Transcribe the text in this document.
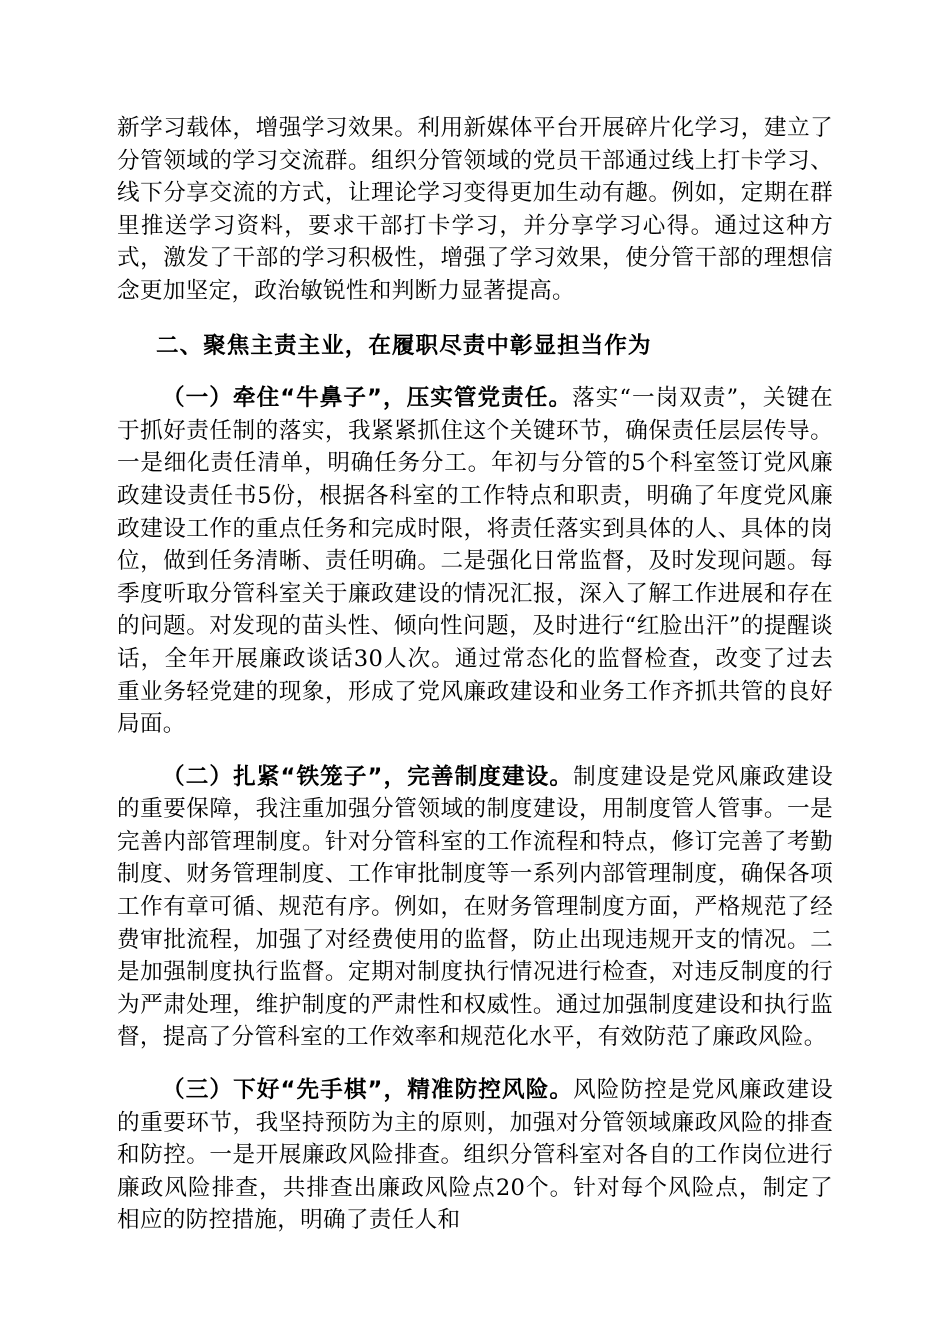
新学习载体，增强学习效果。利用新媒体平台开展碎片化学习，建立了分管领域的学习交流群。组织分管领域的党员干部通过线上打卡学习、线下分享交流的方式，让理论学习变得更加生动有趣。例如，定期在群里推送学习资料，要求干部打卡学习，并分享学习心得。通过这种方式，激发了干部的学习积极性，增强了学习效果，使分管干部的理想信念更加坚定，政治敏锐性和判断力显著提高。

二、聚焦主责主业，在履职尽责中彰显担当作为

（一）牵住“牛鼻子”，压实管党责任。落实“一岗双责”，关键在于抓好责任制的落实，我紧紧抓住这个关键环节，确保责任层层传导。一是细化责任清单，明确任务分工。年初与分管的5个科室签订党风廉政建设责任书5份，根据各科室的工作特点和职责，明确了年度党风廉政建设工作的重点任务和完成时限，将责任落实到具体的人、具体的岗位，做到任务清晰、责任明确。二是强化日常监督，及时发现问题。每季度听取分管科室关于廉政建设的情况汇报，深入了解工作进展和存在的问题。对发现的苗头性、倾向性问题，及时进行“红脸出汗”的提醒谈话，全年开展廉政谈话30人次。通过常态化的监督检查，改变了过去重业务轻党建的现象，形成了党风廉政建设和业务工作齐抓共管的良好局面。

（二）扎紧“铁笼子”，完善制度建设。制度建设是党风廉政建设的重要保障，我注重加强分管领域的制度建设，用制度管人管事。一是完善内部管理制度。针对分管科室的工作流程和特点，修订完善了考勤制度、财务管理制度、工作审批制度等一系列内部管理制度，确保各项工作有章可循、规范有序。例如，在财务管理制度方面，严格规范了经费审批流程，加强了对经费使用的监督，防止出现违规开支的情况。二是加强制度执行监督。定期对制度执行情况进行检查，对违反制度的行为严肃处理，维护制度的严肃性和权威性。通过加强制度建设和执行监督，提高了分管科室的工作效率和规范化水平，有效防范了廉政风险。

（三）下好“先手棋”，精准防控风险。风险防控是党风廉政建设的重要环节，我坚持预防为主的原则，加强对分管领域廉政风险的排查和防控。一是开展廉政风险排查。组织分管科室对各自的工作岗位进行廉政风险排查，共排查出廉政风险点20个。针对每个风险点，制定了相应的防控措施，明确了责任人和
